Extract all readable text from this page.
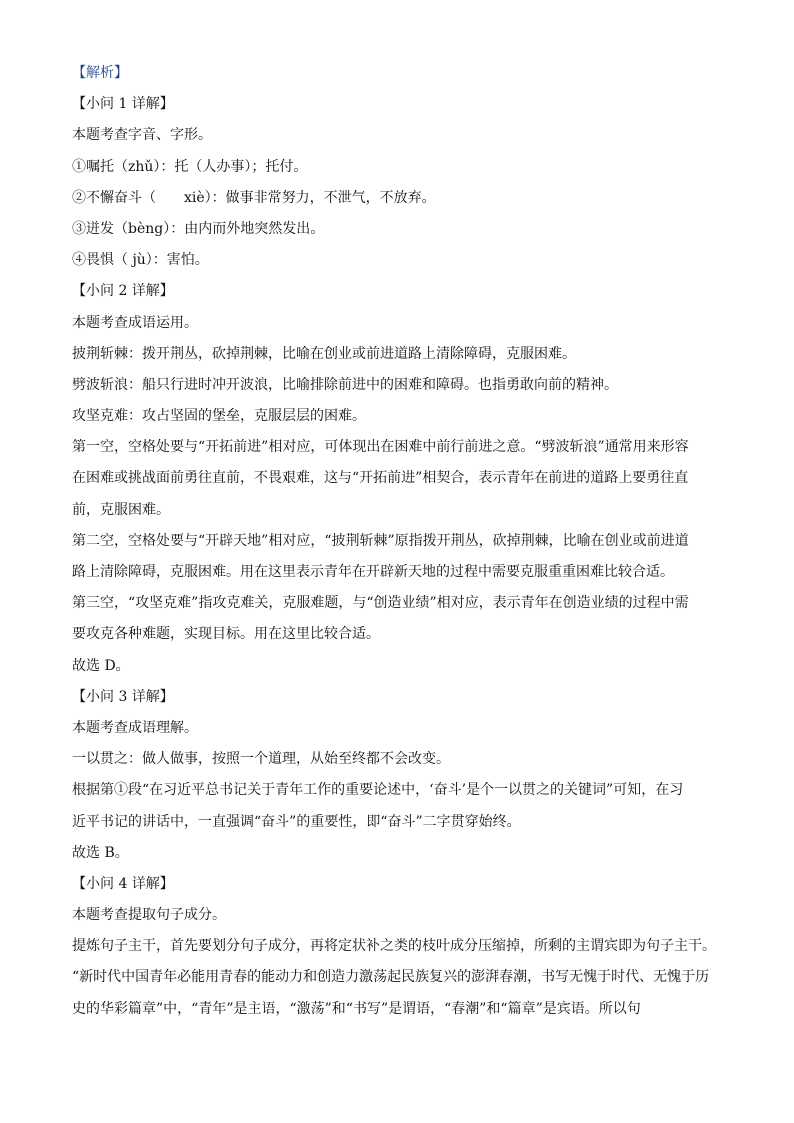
【解析】
【小问 1 详解】
本题考查字音、字形。
①嘱托（zhǔ）：托（人办事）；托付。
②不懈奋斗（　　xiè）：做事非常努力，不泄气，不放弃。
③迸发（bèng）：由内而外地突然发出。
④畏惧（ jù）：害怕。
【小问 2 详解】
本题考查成语运用。
披荆斩棘：拨开荆丛，砍掉荆棘，比喻在创业或前进道路上清除障碍，克服困难。
劈波斩浪：船只行进时冲开波浪，比喻排除前进中的困难和障碍。也指勇敢向前的精神。
攻坚克难：攻占坚固的堡垒，克服层层的困难。
第一空，空格处要与“开拓前进”相对应，可体现出在困难中前行前进之意。“劈波斩浪”通常用来形容
在困难或挑战面前勇往直前，不畏艰难，这与“开拓前进”相契合，表示青年在前进的道路上要勇往直
前，克服困难。
第二空，空格处要与“开辟天地”相对应，“披荆斩棘”原指拨开荆丛，砍掉荆棘，比喻在创业或前进道
路上清除障碍，克服困难。用在这里表示青年在开辟新天地的过程中需要克服重重困难比较合适。
第三空，“攻坚克难”指攻克难关，克服难题，与“创造业绩”相对应，表示青年在创造业绩的过程中需
要攻克各种难题，实现目标。用在这里比较合适。
故选 D。
【小问 3 详解】
本题考查成语理解。
一以贯之：做人做事，按照一个道理，从始至终都不会改变。
根据第①段“在习近平总书记关于青年工作的重要论述中，‘奋斗’是个一以贯之的关键词”可知，在习
近平书记的讲话中，一直强调“奋斗”的重要性，即“奋斗”二字贯穿始终。
故选 B。
【小问 4 详解】
本题考查提取句子成分。
提炼句子主干，首先要划分句子成分，再将定状补之类的枝叶成分压缩掉，所剩的主谓宾即为句子主干。
“新时代中国青年必能用青春的能动力和创造力激荡起民族复兴的澎湃春潮，书写无愧于时代、无愧于历
史的华彩篇章”中，“青年”是主语，“激荡”和“书写”是谓语，“春潮”和“篇章”是宾语。所以句
